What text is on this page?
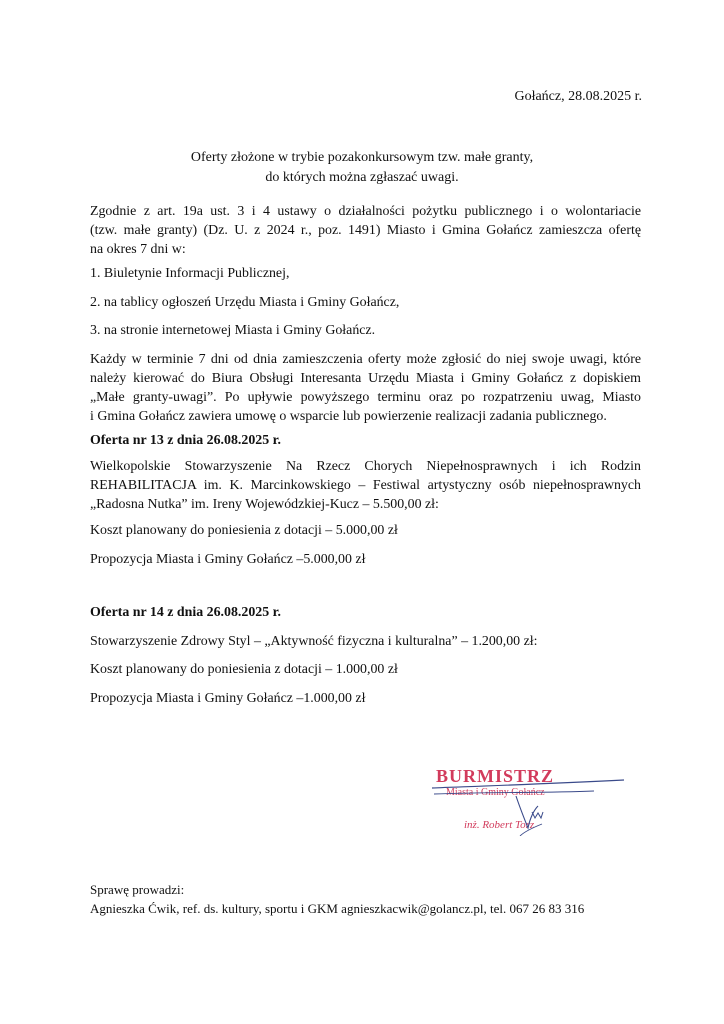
Gołańcz, 28.08.2025 r.
Oferty złożone w trybie pozakonkursowym tzw. małe granty,
do których można zgłaszać uwagi.
Zgodnie z art. 19a ust. 3 i 4 ustawy o działalności pożytku publicznego i o wolontariacie
(tzw. małe granty) (Dz. U. z 2024 r., poz. 1491) Miasto i Gmina Gołańcz zamieszcza ofertę
na okres 7 dni w:
1. Biuletynie Informacji Publicznej,
2. na tablicy ogłoszeń Urzędu Miasta i Gminy Gołańcz,
3. na stronie internetowej Miasta i Gminy Gołańcz.
Każdy w terminie 7 dni od dnia zamieszczenia oferty może zgłosić do niej swoje uwagi, które
należy kierować do Biura Obsługi Interesanta Urzędu Miasta i Gminy Gołańcz z dopiskiem
„Małe granty-uwagi”. Po upływie powyższego terminu oraz po rozpatrzeniu uwag, Miasto
i Gmina Gołańcz zawiera umowę o wsparcie lub powierzenie realizacji zadania publicznego.
Oferta nr 13 z dnia 26.08.2025 r.
Wielkopolskie Stowarzyszenie Na Rzecz Chorych Niepełnosprawnych i ich Rodzin
REHABILITACJA im. K. Marcinkowskiego – Festiwal artystyczny osób niepełnosprawnych
„Radosna Nutka” im. Ireny Wojewódzkiej-Kucz – 5.500,00 zł:
Koszt planowany do poniesienia z dotacji – 5.000,00 zł
Propozycja Miasta i Gminy Gołańcz –5.000,00 zł
Oferta nr 14 z dnia 26.08.2025 r.
Stowarzyszenie Zdrowy Styl – „Aktywność fizyczna i kulturalna” – 1.200,00 zł:
Koszt planowany do poniesienia z dotacji – 1.000,00 zł
Propozycja Miasta i Gminy Gołańcz –1.000,00 zł
BURMISTRZ
Miasta i Gminy Gołańcz
inż. Robert Torz
Sprawę prowadzi:
Agnieszka Ćwik, ref. ds. kultury, sportu i GKM agnieszkacwik@golancz.pl, tel. 067 26 83 316
